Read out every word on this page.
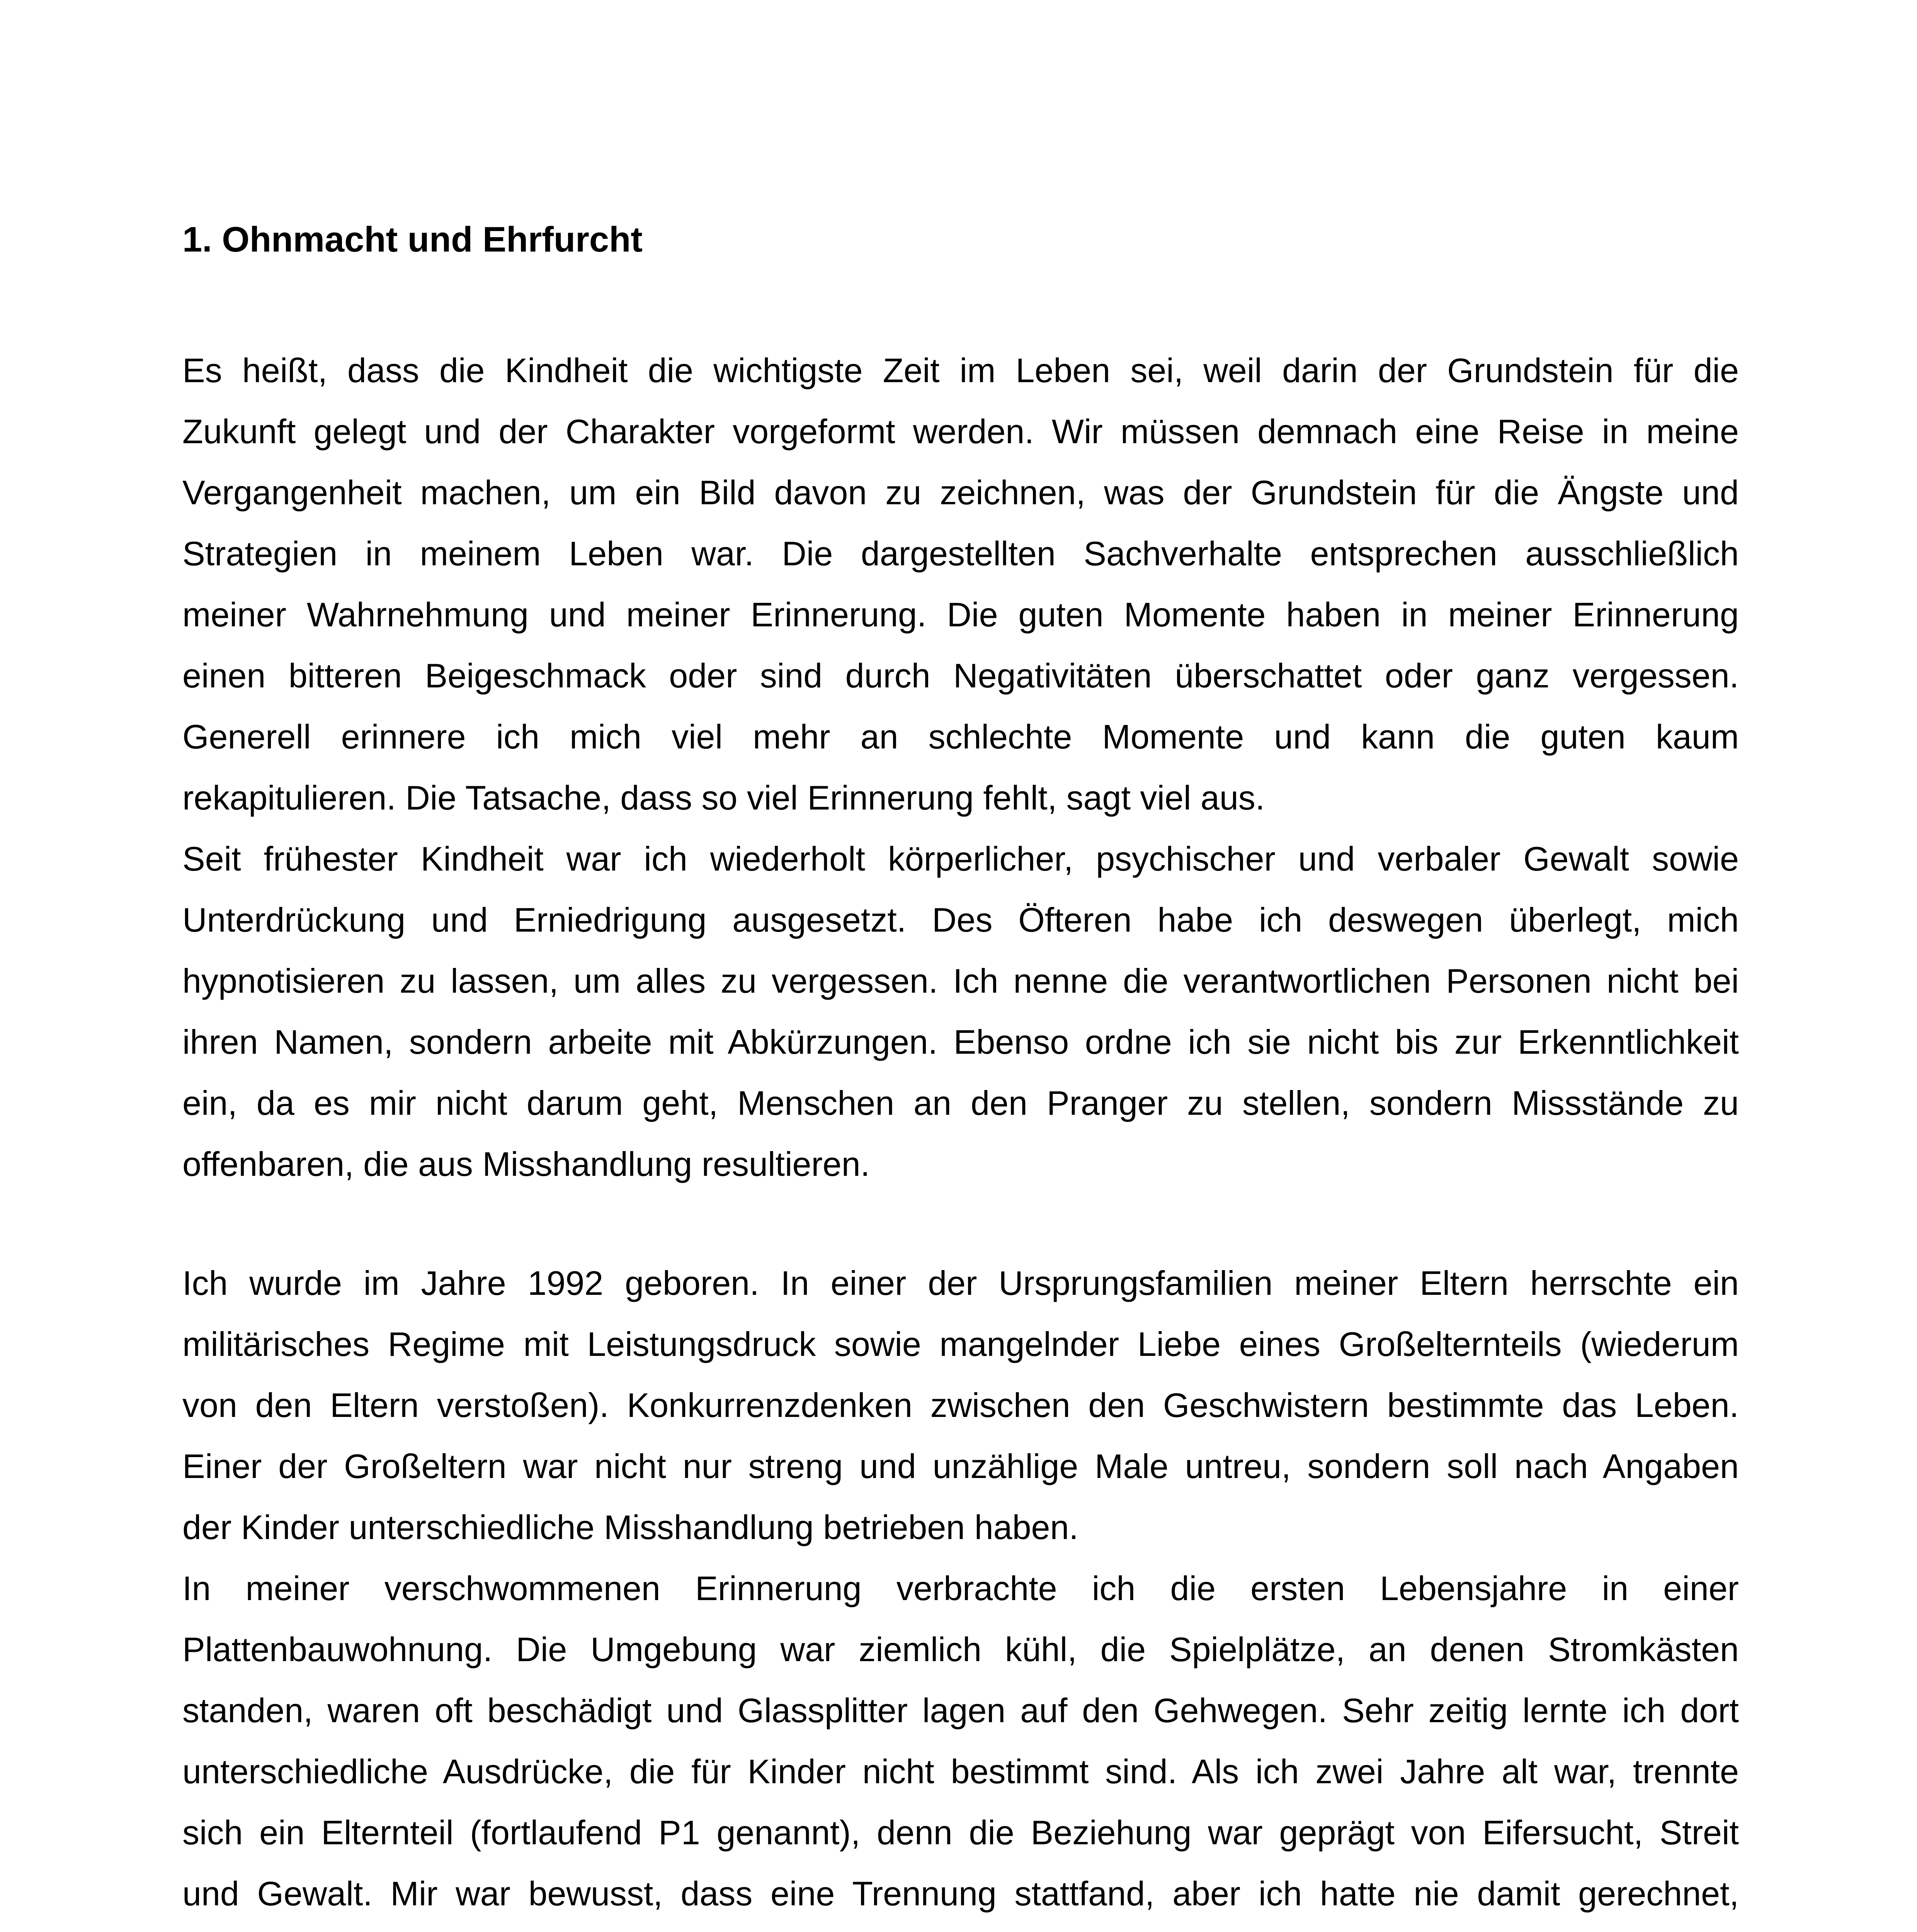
1. Ohnmacht und Ehrfurcht
Es heißt, dass die Kindheit die wichtigste Zeit im Leben sei, weil darin der Grundstein für die
Zukunft gelegt und der Charakter vorgeformt werden. Wir müssen demnach eine Reise in meine
Vergangenheit machen, um ein Bild davon zu zeichnen, was der Grundstein für die Ängste und
Strategien in meinem Leben war. Die dargestellten Sachverhalte entsprechen ausschließlich
meiner Wahrnehmung und meiner Erinnerung. Die guten Momente haben in meiner Erinnerung
einen bitteren Beigeschmack oder sind durch Negativitäten überschattet oder ganz vergessen.
Generell erinnere ich mich viel mehr an schlechte Momente und kann die guten kaum
rekapitulieren. Die Tatsache, dass so viel Erinnerung fehlt, sagt viel aus.
Seit frühester Kindheit war ich wiederholt körperlicher, psychischer und verbaler Gewalt sowie
Unterdrückung und Erniedrigung ausgesetzt. Des Öfteren habe ich deswegen überlegt, mich
hypnotisieren zu lassen, um alles zu vergessen. Ich nenne die verantwortlichen Personen nicht bei
ihren Namen, sondern arbeite mit Abkürzungen. Ebenso ordne ich sie nicht bis zur Erkenntlichkeit
ein, da es mir nicht darum geht, Menschen an den Pranger zu stellen, sondern Missstände zu
offenbaren, die aus Misshandlung resultieren.
Ich wurde im Jahre 1992 geboren. In einer der Ursprungsfamilien meiner Eltern herrschte ein
militärisches Regime mit Leistungsdruck sowie mangelnder Liebe eines Großelternteils (wiederum
von den Eltern verstoßen). Konkurrenzdenken zwischen den Geschwistern bestimmte das Leben.
Einer der Großeltern war nicht nur streng und unzählige Male untreu, sondern soll nach Angaben
der Kinder unterschiedliche Misshandlung betrieben haben.
In meiner verschwommenen Erinnerung verbrachte ich die ersten Lebensjahre in einer
Plattenbauwohnung. Die Umgebung war ziemlich kühl, die Spielplätze, an denen Stromkästen
standen, waren oft beschädigt und Glassplitter lagen auf den Gehwegen. Sehr zeitig lernte ich dort
unterschiedliche Ausdrücke, die für Kinder nicht bestimmt sind. Als ich zwei Jahre alt war, trennte
sich ein Elternteil (fortlaufend P1 genannt), denn die Beziehung war geprägt von Eifersucht, Streit
und Gewalt. Mir war bewusst, dass eine Trennung stattfand, aber ich hatte nie damit gerechnet,
